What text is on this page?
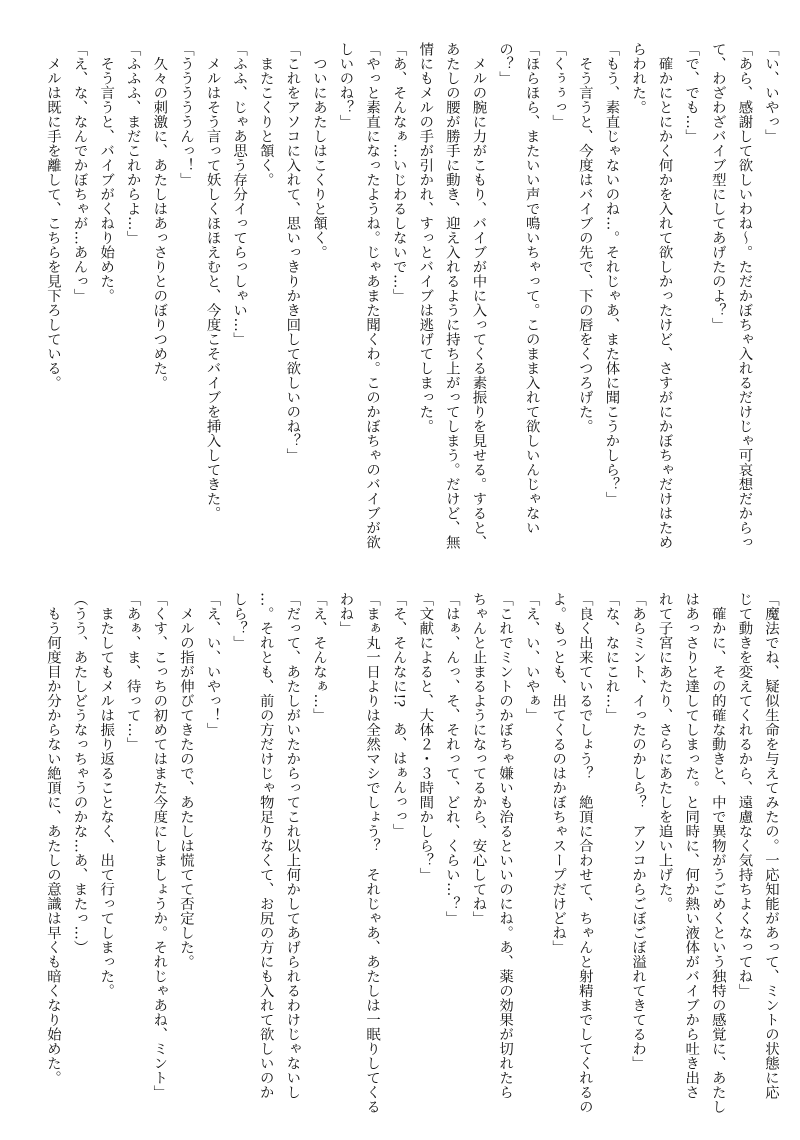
「い、いやっ」

「あら、感謝して欲しいわね～。ただかぼちゃ入れるだけじゃ可哀想だからっ

て、わざわざバイブ型にしてあげたのよ？」

「で、でも…」

　確かにとにかく何かを入れて欲しかったけど、さすがにかぼちゃだけはため

らわれた。

「もう、素直じゃないのね…。それじゃあ、また体に聞こうかしら？」

　そう言うと、今度はバイブの先で、下の唇をくつろげた。

「くぅぅっ」

「ほらほら、またいい声で鳴いちゃって。このまま入れて欲しいんじゃない

の？」

　メルの腕に力がこもり、バイブが中に入ってくる素振りを見せる。すると、

あたしの腰が勝手に動き、迎え入れるように持ち上がってしまう。だけど、無

情にもメルの手が引かれ、すっとバイブは逃げてしまった。

「あ、そんなぁ…いじわるしないで…」

「やっと素直になったようね。じゃあまた聞くわ。このかぼちゃのバイブが欲

しいのね？」

　ついにあたしはこくりと頷く。

「これをアソコに入れて、思いっきりかき回して欲しいのね？」

　またこくりと頷く。

「ふふ、じゃあ思う存分イってらっしゃい…」

　メルはそう言って妖しくほほえむと、今度こそバイブを挿入してきた。

「うううううんっ！」

　久々の刺激に、あたしはあっさりとのぼりつめた。

「ふふふ、まだこれからよ…」

　そう言うと、バイブがくねり始めた。

「え、な、なんでかぼちゃが…あんっ」

　メルは既に手を離して、こちらを見下ろしている。

「魔法でね、疑似生命を与えてみたの。一応知能があって、ミントの状態に応

じて動きを変えてくれるから、遠慮なく気持ちよくなってね」

　確かに、その的確な動きと、中で異物がうごめくという独特の感覚に、あたし

はあっさりと達してしまった。と同時に、何か熱い液体がバイブから吐き出さ

れて子宮にあたり、さらにあたしを追い上げた。

「あらミント、イったのかしら？　アソコからごぼごぼ溢れてきてるわ」

「な、なにこれ…」

「良く出来ているでしょう？　絶頂に合わせて、ちゃんと射精までしてくれるの

よ。もっとも、出てくるのはかぼちゃスープだけどね」

「え、い、いやぁ」

「これでミントのかぼちゃ嫌いも治るといいのにね。あ、薬の効果が切れたら

ちゃんと止まるようになってるから、安心してね」

「はぁ、んっ、そ、それって、どれ、くらい…？」

「文献によると、大体２・３時間かしら？」

「そ、そんなに!?　あ、はぁんっっ」

「まぁ丸一日よりは全然マシでしょう？　それじゃあ、あたしは一眠りしてくる

わね」

「え、そんなぁ…」

「だって、あたしがいたからってこれ以上何かしてあげられるわけじゃないし

…。それとも、前の方だけじゃ物足りなくて、お尻の方にも入れて欲しいのか

しら？」

「え、い、いやっ！」

　メルの指が伸びてきたので、あたしは慌てて否定した。

「くす、こっちの初めてはまた今度にしましょうか。それじゃあね、ミント」

「あぁ、ま、待って…」

　またしてもメルは振り返ることなく、出て行ってしまった。

（うう、あたしどうなっちゃうのかな…あ、またっ…）

　もう何度目か分からない絶頂に、あたしの意識は早くも暗くなり始めた。
